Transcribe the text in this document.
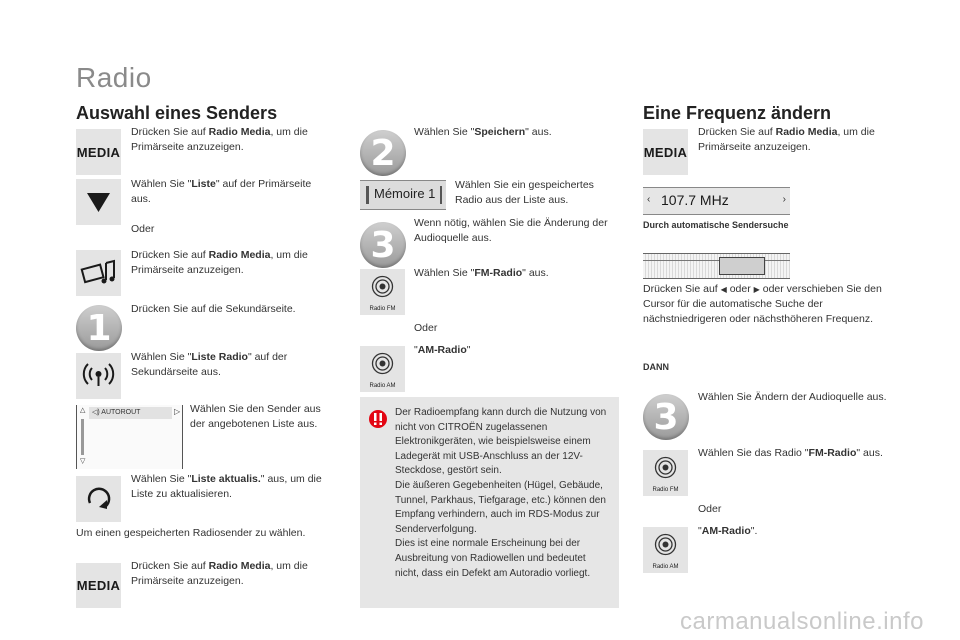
Radio
Auswahl eines Senders
MEDIA
Drücken Sie auf Radio Media, um die Primärseite anzuzeigen.
Wählen Sie "Liste" auf der Primärseite aus.
Oder
Drücken Sie auf Radio Media, um die Primärseite anzuzeigen.
1	Drücken Sie auf die Sekundärseite.
Wählen Sie "Liste Radio" auf der Sekundärseite aus.
△
▽
◁) AUTOROUT	▷ Wählen Sie den Sender aus der angebotenen Liste aus.
Wählen Sie "Liste aktualis." aus, um die Liste zu aktualisieren.
Um einen gespeicherten Radiosender zu wählen.
MEDIA
Drücken Sie auf Radio Media, um die Primärseite anzuzeigen.
2
Wählen Sie "Speichern" aus.
Mémoire 1
Wählen Sie ein gespeichertes Radio aus der Liste aus.
3
Wenn nötig, wählen Sie die Änderung der Audioquelle aus.
Radio FM
Wählen Sie "FM-Radio" aus.
Oder
Radio AM
"AM-Radio"
Der Radioempfang kann durch die Nutzung von nicht von CITROËN zugelassenen Elektronikgeräten, wie beispielsweise einem Ladegerät mit USB-Anschluss an der 12V-Steckdose, gestört sein.
Die äußeren Gegebenheiten (Hügel, Gebäude, Tunnel, Parkhaus, Tiefgarage, etc.) können den Empfang verhindern, auch im RDS-Modus zur Senderverfolgung.
Dies ist eine normale Erscheinung bei der Ausbreitung von Radiowellen und bedeutet nicht, dass ein Defekt am Autoradio vorliegt.
Eine Frequenz ändern
MEDIA
Drücken Sie auf Radio Media, um die Primärseite anzuzeigen.
‹ 107.7 MHz	›
Durch automatische Sendersuche
Drücken Sie auf ◀ oder ▶ oder verschieben Sie den Cursor für die automatische Suche der nächstniedrigeren oder nächsthöheren Frequenz.
DANN
3	Wählen Sie Ändern der Audioquelle aus.
Radio FM
Wählen Sie das Radio "FM-Radio" aus.
Oder
Radio AM
"AM-Radio".
carmanualsonline.info
